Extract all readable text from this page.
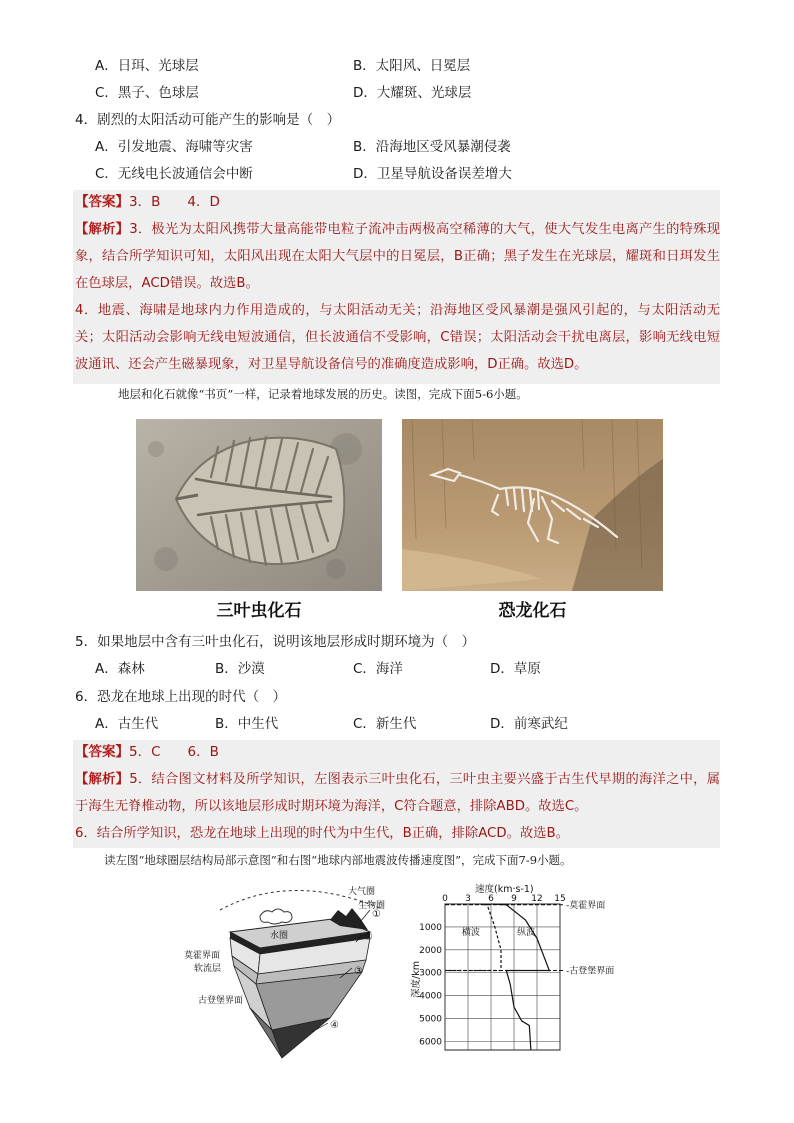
A．日珥、光球层	B．太阳风、日冕层
C．黑子、色球层	D．大耀斑、光球层
4．剧烈的太阳活动可能产生的影响是（　）
A．引发地震、海啸等灾害	B．沿海地区受风暴潮侵袭
C．无线电长波通信会中断	D．卫星导航设备误差增大
【答案】3．B　　4．D
【解析】3．极光为太阳风携带大量高能带电粒子流冲击两极高空稀薄的大气，使大气发生电离产生的特殊现象，结合所学知识可知，太阳风出现在太阳大气层中的日冕层，B正确；黑子发生在光球层，耀斑和日珥发生在色球层，ACD错误。故选B。
4．地震、海啸是地球内力作用造成的，与太阳活动无关；沿海地区受风暴潮是强风引起的，与太阳活动无关；太阳活动会影响无线电短波通信，但长波通信不受影响，C错误；太阳活动会干扰电离层，影响无线电短波通讯、还会产生磁暴现象，对卫星导航设备信号的准确度造成影响，D正确。故选D。
地层和化石就像“书页”一样，记录着地球发展的历史。读图，完成下面5-6小题。
三叶虫化石	恐龙化石
5．如果地层中含有三叶虫化石，说明该地层形成时期环境为（　）
A．森林	B．沙漠	C．海洋	D．草原
6．恐龙在地球上出现的时代（　）
A．古生代	B．中生代	C．新生代	D．前寒武纪
【答案】5．C　　6．B
【解析】5．结合图文材料及所学知识，左图表示三叶虫化石，三叶虫主要兴盛于古生代早期的海洋之中，属于海生无脊椎动物，所以该地层形成时期环境为海洋，C符合题意，排除ABD。故选C。
6．结合所学知识，恐龙在地球上出现的时代为中生代，B正确，排除ACD。故选B。
读左图“地球圈层结构局部示意图”和右图“地球内部地震波传播速度图”，完成下面7-9小题。
大气圈
生物圈
水圈
莫霍界面
软流层
古登堡界面
①
②
③
④
速度(km·s-1)
深度/km
0 3 6 9 12 15
1000
2000
3000
4000
5000
6000
横波	纵波
-莫霍界面
-古登堡界面
